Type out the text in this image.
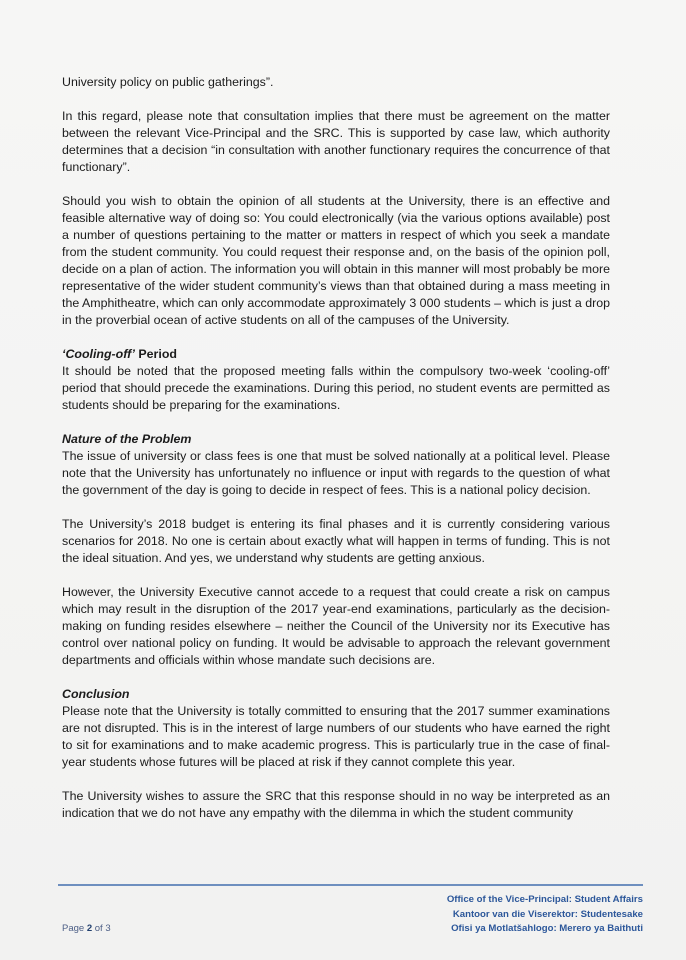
University policy on public gatherings”.

In this regard, please note that consultation implies that there must be agreement on the matter between the relevant Vice-Principal and the SRC. This is supported by case law, which authority determines that a decision “in consultation with another functionary requires the concurrence of that functionary”.

Should you wish to obtain the opinion of all students at the University, there is an effective and feasible alternative way of doing so: You could electronically (via the various options available) post a number of questions pertaining to the matter or matters in respect of which you seek a mandate from the student community. You could request their response and, on the basis of the opinion poll, decide on a plan of action. The information you will obtain in this manner will most probably be more representative of the wider student community’s views than that obtained during a mass meeting in the Amphitheatre, which can only accommodate approximately 3 000 students – which is just a drop in the proverbial ocean of active students on all of the campuses of the University.

‘Cooling-off’ Period

It should be noted that the proposed meeting falls within the compulsory two-week ‘cooling-off’ period that should precede the examinations. During this period, no student events are permitted as students should be preparing for the examinations.

Nature of the Problem

The issue of university or class fees is one that must be solved nationally at a political level. Please note that the University has unfortunately no influence or input with regards to the question of what the government of the day is going to decide in respect of fees. This is a national policy decision.

The University’s 2018 budget is entering its final phases and it is currently considering various scenarios for 2018. No one is certain about exactly what will happen in terms of funding. This is not the ideal situation. And yes, we understand why students are getting anxious.

However, the University Executive cannot accede to a request that could create a risk on campus which may result in the disruption of the 2017 year-end examinations, particularly as the decision-making on funding resides elsewhere – neither the Council of the University nor its Executive has control over national policy on funding. It would be advisable to approach the relevant government departments and officials within whose mandate such decisions are.

Conclusion

Please note that the University is totally committed to ensuring that the 2017 summer examinations are not disrupted. This is in the interest of large numbers of our students who have earned the right to sit for examinations and to make academic progress. This is particularly true in the case of final-year students whose futures will be placed at risk if they cannot complete this year.

The University wishes to assure the SRC that this response should in no way be interpreted as an indication that we do not have any empathy with the dilemma in which the student community

Page 2 of 3
Office of the Vice-Principal: Student Affairs
Kantoor van die Viserektor: Studentesake
Ofisi ya Motlatšahlogo: Merero ya Baithuti
